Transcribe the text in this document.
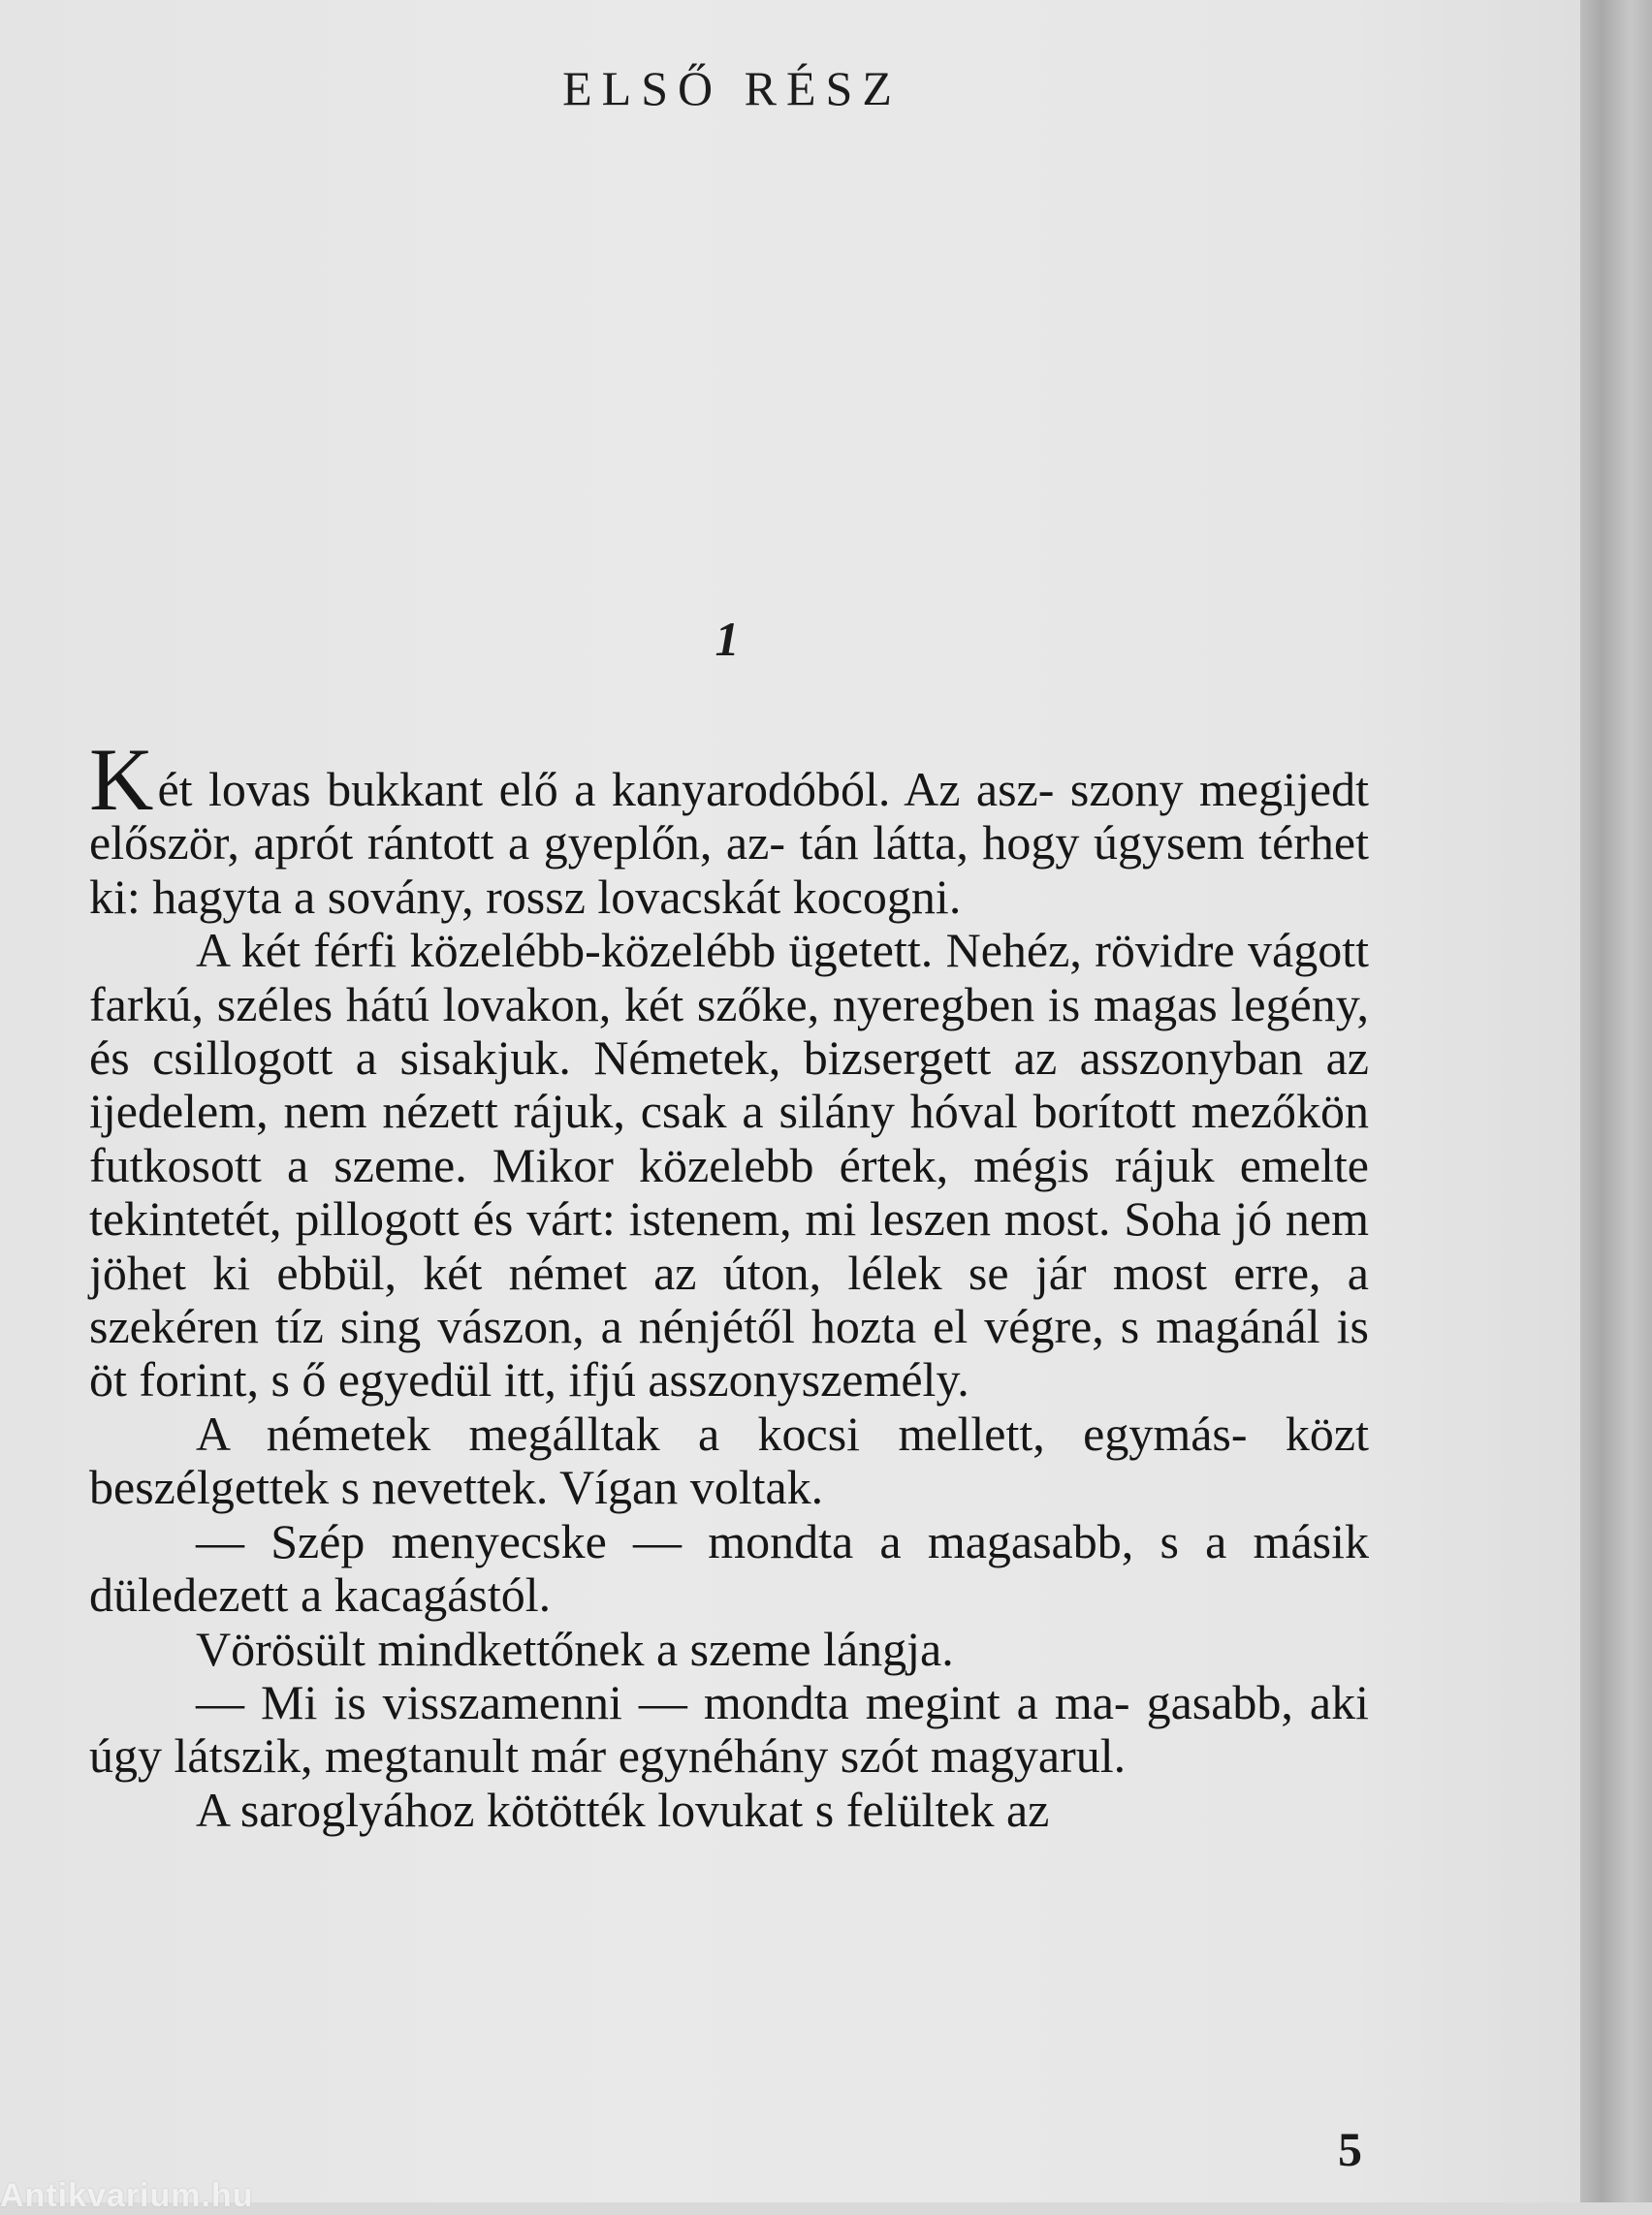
ELSŐ RÉSZ
1

Két lovas bukkant elő a kanyarodóból. Az asz- szony megijedt először, aprót rántott a gyeplőn, az- tán látta, hogy úgysem térhet ki: hagyta a sovány, rossz lovacskát kocogni.

A két férfi közelébb-közelébb ügetett. Nehéz, rövidre vágott farkú, széles hátú lovakon, két szőke, nyeregben is magas legény, és csillogott a sisakjuk. Németek, bizsergett az asszonyban az ijedelem, nem nézett rájuk, csak a silány hóval borított mezőkön futkosott a szeme. Mikor közelebb értek, mégis rájuk emelte tekintetét, pillogott és várt: istenem, mi leszen most. Soha jó nem jöhet ki ebbül, két német az úton, lélek se jár most erre, a szekéren tíz sing vászon, a nénjétől hozta el végre, s magánál is öt forint, s ő egyedül itt, ifjú asszonyszemély.

A németek megálltak a kocsi mellett, egymás- közt beszélgettek s nevettek. Vígan voltak.

— Szép menyecske — mondta a magasabb, s a másik düledezett a kacagástól.

Vörösült mindkettőnek a szeme lángja.

— Mi is visszamenni — mondta megint a ma- gasabb, aki úgy látszik, megtanult már egynéhány szót magyarul.

A saroglyához kötötték lovukat s felültek az

5
Antikvarium.hu
